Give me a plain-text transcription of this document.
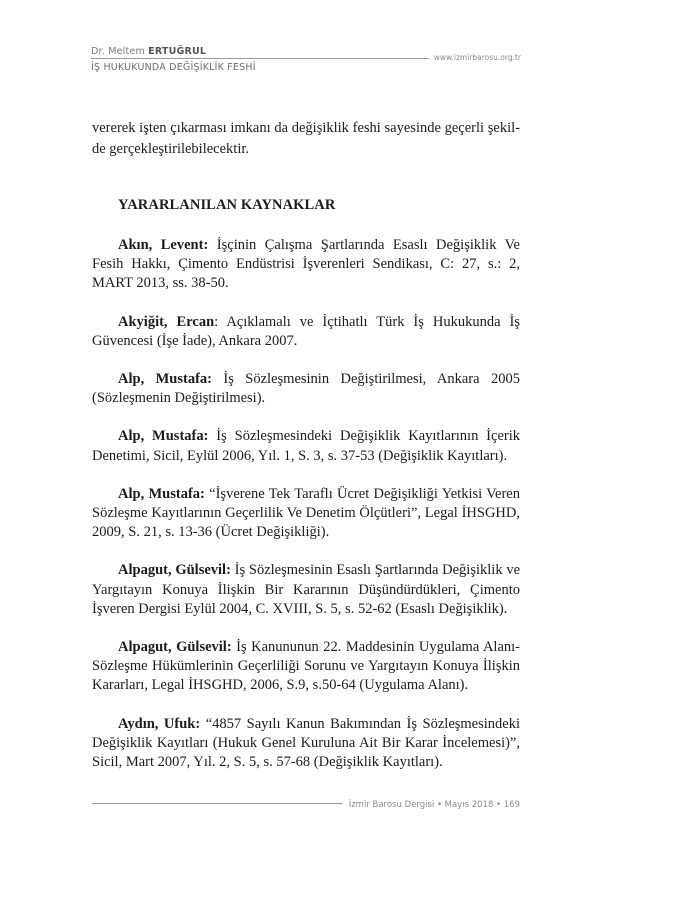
Dr. Meltem ERTUĞRUL
www.izmirbarosu.org.tr
İŞ HUKUKUNDA DEĞİŞİKLİK FESHİ

vererek işten çıkarması imkanı da değişiklik feshi sayesinde geçerli şekil-de gerçekleştirilebilecektir.

YARARLANILAN KAYNAKLAR

Akın, Levent: İşçinin Çalışma Şartlarında Esaslı Değişiklik Ve Fesih Hakkı, Çimento Endüstrisi İşverenleri Sendikası, C: 27, s.: 2, MART 2013, ss. 38-50.

Akyiğit, Ercan: Açıklamalı ve İçtihatlı Türk İş Hukukunda İş Güvencesi (İşe İade), Ankara 2007.

Alp, Mustafa: İş Sözleşmesinin Değiştirilmesi, Ankara 2005 (Sözleşmenin Değiştirilmesi).

Alp, Mustafa: İş Sözleşmesindeki Değişiklik Kayıtlarının İçerik Denetimi, Sicil, Eylül 2006, Yıl. 1, S. 3, s. 37-53 (Değişiklik Kayıtları).

Alp, Mustafa: “İşverene Tek Taraflı Ücret Değişikliği Yetkisi Veren Sözleşme Kayıtlarının Geçerlilik Ve Denetim Ölçütleri”, Legal İHSGHD, 2009, S. 21, s. 13-36 (Ücret Değişikliği).

Alpagut, Gülsevil: İş Sözleşmesinin Esaslı Şartlarında Değişiklik ve Yargıtayın Konuya İlişkin Bir Kararının Düşündürdükleri, Çimento İşveren Dergisi Eylül 2004, C. XVIII, S. 5, s. 52-62 (Esaslı Değişiklik).

Alpagut, Gülsevil: İş Kanununun 22. Maddesinin Uygulama Alanı-Sözleşme Hükümlerinin Geçerliliği Sorunu ve Yargıtayın Konuya İlişkin Kararları, Legal İHSGHD, 2006, S.9, s.50-64 (Uygulama Alanı).

Aydın, Ufuk: “4857 Sayılı Kanun Bakımından İş Sözleşmesindeki Değişiklik Kayıtları (Hukuk Genel Kuruluna Ait Bir Karar İncelemesi)”, Sicil, Mart 2007, Yıl. 2, S. 5, s. 57-68 (Değişiklik Kayıtları).

İzmir Barosu Dergisi • Mayıs 2018 • 169
